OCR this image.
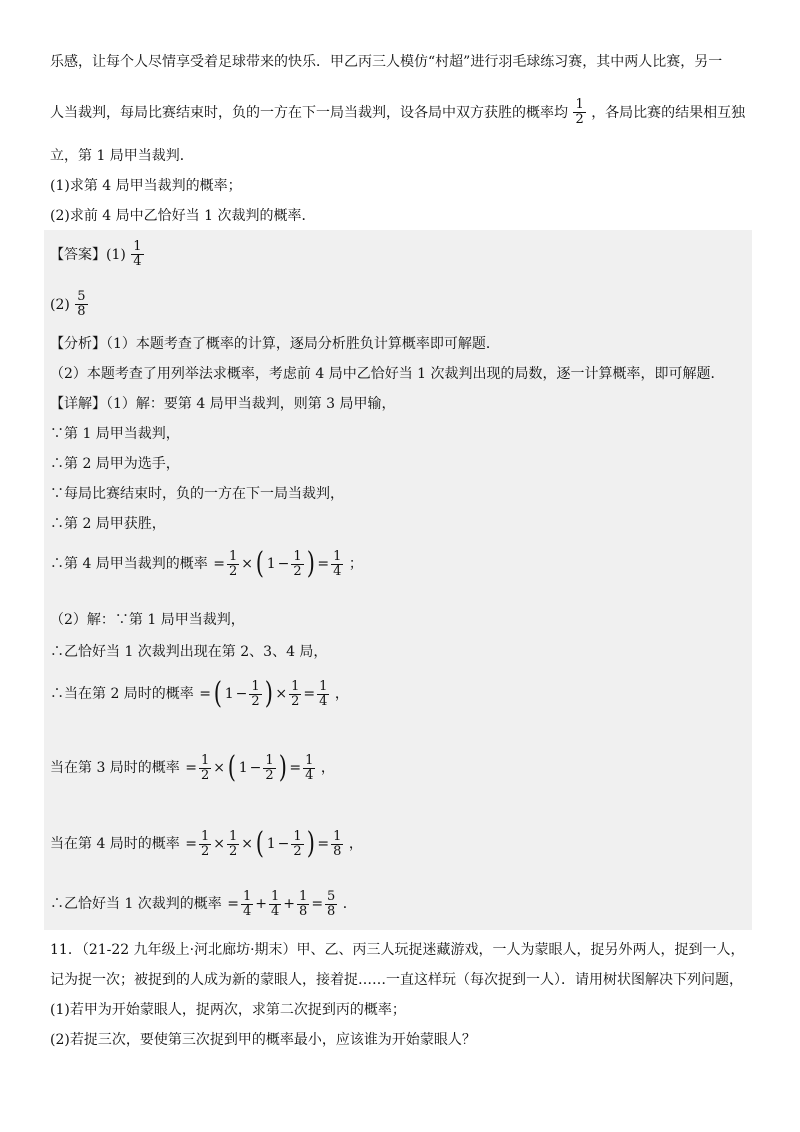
乐感，让每个人尽情享受着足球带来的快乐．甲乙丙三人模仿“村超”进行羽毛球练习赛，其中两人比赛，另一
人当裁判，每局比赛结束时，负的一方在下一局当裁判，设各局中双方获胜的概率均 $\frac{1}{2}$ ，各局比赛的结果相互独
立，第 1 局甲当裁判．
(1)求第 4 局甲当裁判的概率；
(2)求前 4 局中乙恰好当 1 次裁判的概率．
【答案】$(1) \frac{1}{4}$
$(2) \frac{5}{8}$
【分析】（1）本题考查了概率的计算，逐局分析胜负计算概率即可解题．
（2）本题考查了用列举法求概率，考虑前 4 局中乙恰好当 1 次裁判出现的局数，逐一计算概率，即可解题．
【详解】（1）解：要第 4 局甲当裁判，则第 3 局甲输，
∵第 1 局甲当裁判，
∴第 2 局甲为选手，
∵每局比赛结束时，负的一方在下一局当裁判，
∴第 2 局甲获胜，
∴第 4 局甲当裁判的概率 = $\frac{1}{2}$ ×( $1 - \frac{1}{2}$ ) = $\frac{1}{4}$ ；
（2）解：∵第 1 局甲当裁判，
∴乙恰好当 1 次裁判出现在第 2、3、4 局，
∴当在第 2 局时的概率 =( $1 - \frac{1}{2}$ ) × $\frac{1}{2} = \frac{1}{4}$ ，
当在第 3 局时的概率 = $\frac{1}{2}$ ×( $1 - \frac{1}{2}$ ) = $\frac{1}{4}$ ，
当在第 4 局时的概率 = $\frac{1}{2} \times \frac{1}{2}$ ×( $1 - \frac{1}{2}$ ) = $\frac{1}{8}$ ，
∴乙恰好当 1 次裁判的概率 = $\frac{1}{4} + \frac{1}{4} + \frac{1}{8} = \frac{5}{8}$ ．
11．（21-22 九年级上·河北廊坊·期末）甲、乙、丙三人玩捉迷藏游戏，一人为蒙眼人，捉另外两人，捉到一人，
记为捉一次；被捉到的人成为新的蒙眼人，接着捉……一直这样玩（每次捉到一人）．请用树状图解决下列问题，
(1)若甲为开始蒙眼人，捉两次，求第二次捉到丙的概率；
(2)若捉三次，要使第三次捉到甲的概率最小，应该谁为开始蒙眼人？
